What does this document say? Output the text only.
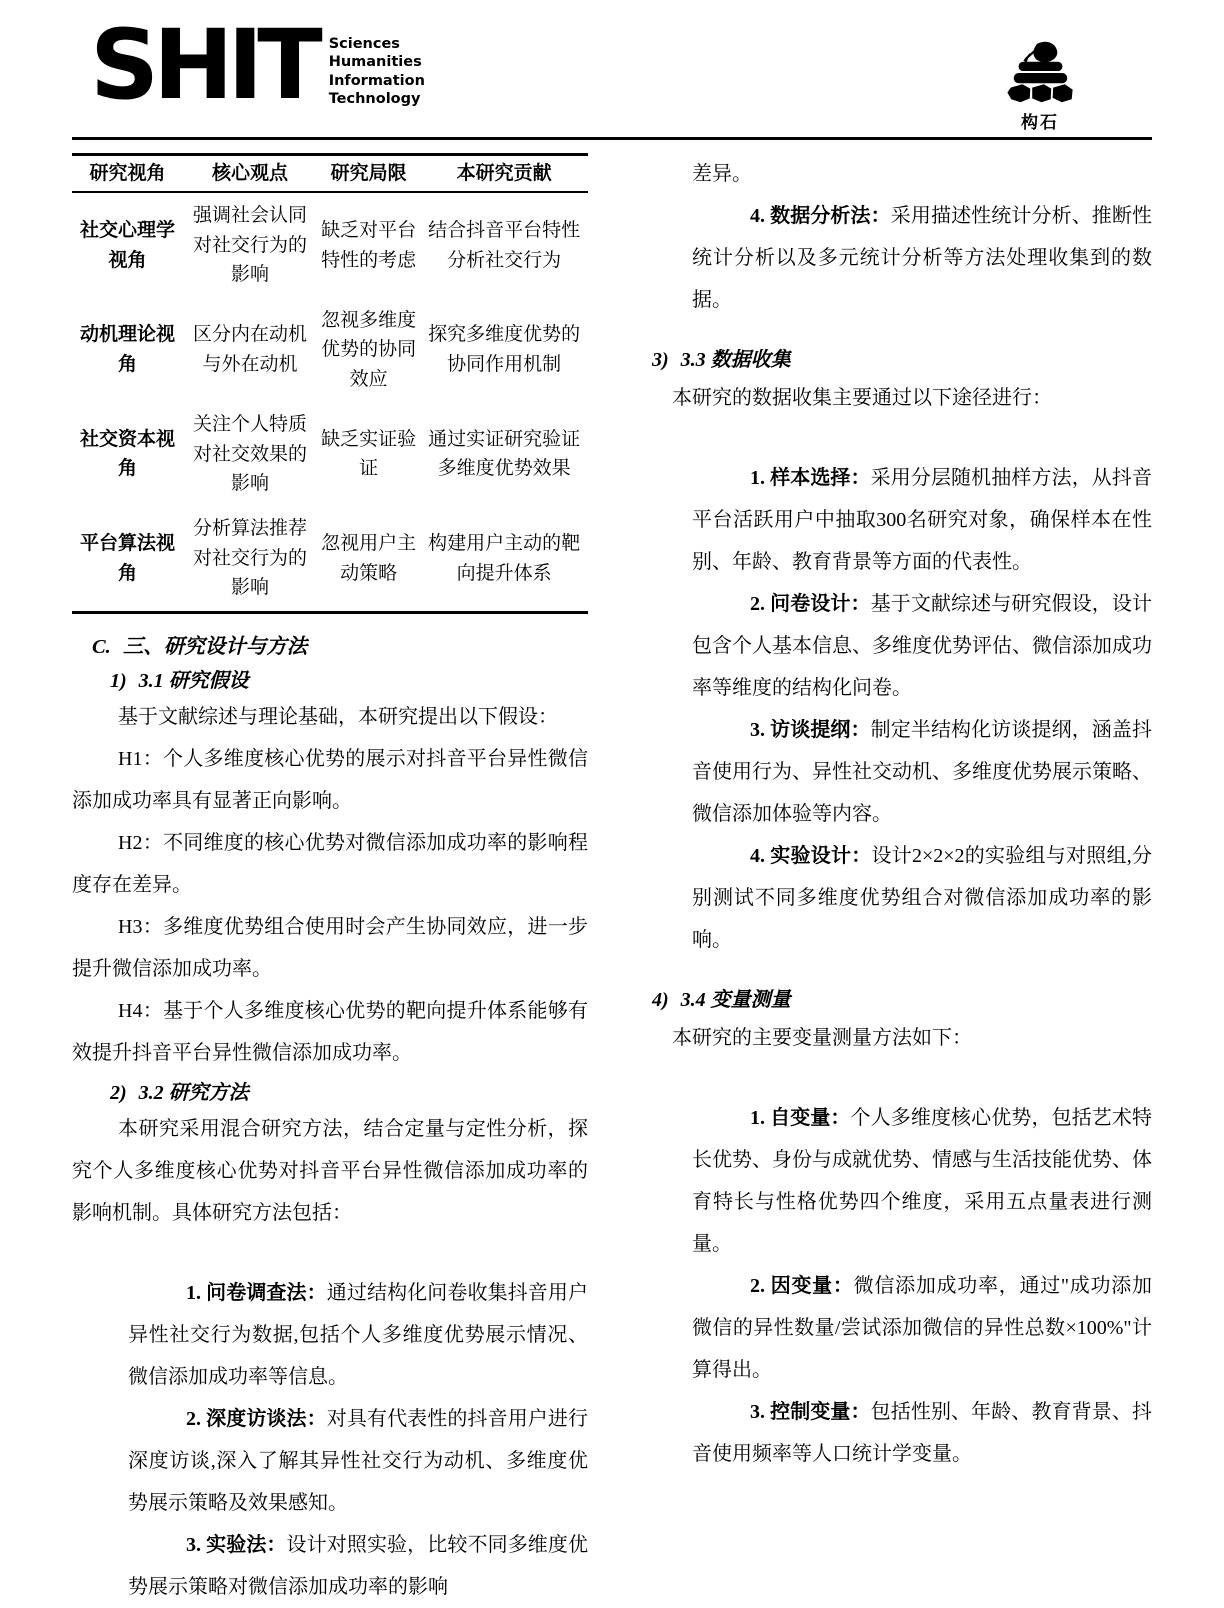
SHIT Sciences
Humanities
Information
Technology
构石
研究视角	核心观点	研究局限	本研究贡献
社交心理学视角	强调社会认同对社交行为的影响	缺乏对平台特性的考虑	结合抖音平台特性分析社交行为
动机理论视角	区分内在动机与外在动机	忽视多维度优势的协同效应	探究多维度优势的协同作用机制
社交资本视角	关注个人特质对社交效果的影响	缺乏实证验证	通过实证研究验证多维度优势效果
平台算法视角	分析算法推荐对社交行为的影响	忽视用户主动策略	构建用户主动的靶向提升体系
C. 三、研究设计与方法
1) 3.1 研究假设

基于文献综述与理论基础，本研究提出以下假设：

H1：个人多维度核心优势的展示对抖音平台异性微信添加成功率具有显著正向影响。

H2：不同维度的核心优势对微信添加成功率的影响程度存在差异。

H3：多维度优势组合使用时会产生协同效应，进一步提升微信添加成功率。

H4：基于个人多维度核心优势的靶向提升体系能够有效提升抖音平台异性微信添加成功率。

2) 3.2 研究方法

本研究采用混合研究方法，结合定量与定性分析，探究个人多维度核心优势对抖音平台异性微信添加成功率的影响机制。具体研究方法包括：

1. 问卷调查法：通过结构化问卷收集抖音用户异性社交行为数据,包括个人多维度优势展示情况、微信添加成功率等信息。

2. 深度访谈法：对具有代表性的抖音用户进行深度访谈,深入了解其异性社交行为动机、多维度优势展示策略及效果感知。

3. 实验法：设计对照实验，比较不同多维度优势展示策略对微信添加成功率的影响

差异。

4. 数据分析法：采用描述性统计分析、推断性统计分析以及多元统计分析等方法处理收集到的数据。

3) 3.3 数据收集

本研究的数据收集主要通过以下途径进行：

1. 样本选择：采用分层随机抽样方法，从抖音平台活跃用户中抽取300名研究对象，确保样本在性别、年龄、教育背景等方面的代表性。

2. 问卷设计：基于文献综述与研究假设，设计包含个人基本信息、多维度优势评估、微信添加成功率等维度的结构化问卷。

3. 访谈提纲：制定半结构化访谈提纲，涵盖抖音使用行为、异性社交动机、多维度优势展示策略、微信添加体验等内容。

4. 实验设计：设计2×2×2的实验组与对照组,分别测试不同多维度优势组合对微信添加成功率的影响。

4) 3.4 变量测量

本研究的主要变量测量方法如下：

1. 自变量：个人多维度核心优势，包括艺术特长优势、身份与成就优势、情感与生活技能优势、体育特长与性格优势四个维度，采用五点量表进行测量。

2. 因变量：微信添加成功率，通过"成功添加微信的异性数量/尝试添加微信的异性总数×100%"计算得出。

3. 控制变量：包括性别、年龄、教育背景、抖音使用频率等人口统计学变量。
